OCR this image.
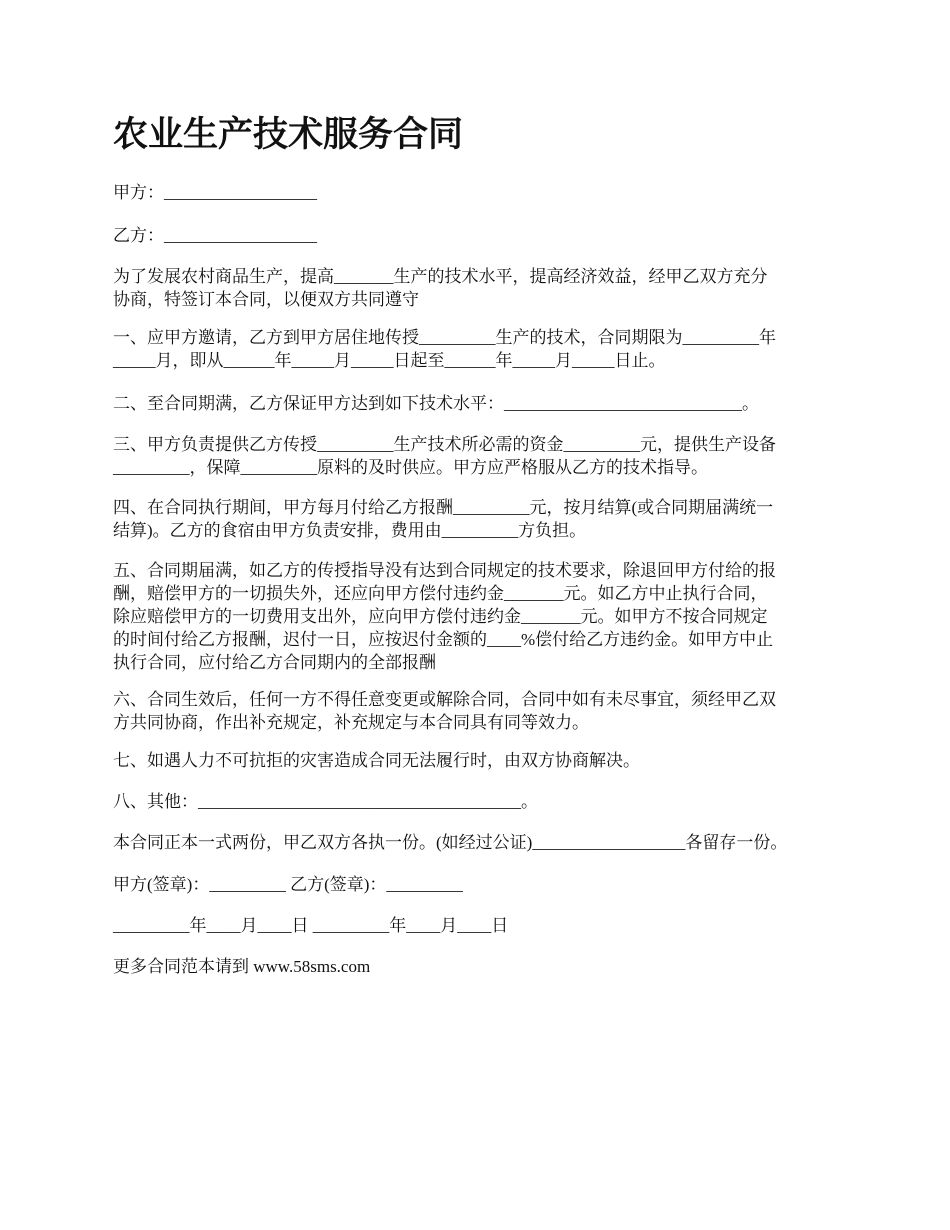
农业生产技术服务合同

甲方：__________________

乙方：__________________

为了发展农村商品生产，提高_______生产的技术水平，提高经济效益，经甲乙双方充分
协商，特签订本合同，以便双方共同遵守

一、应甲方邀请，乙方到甲方居住地传授_________生产的技术，合同期限为_________年
_____月，即从______年_____月_____日起至______年_____月_____日止。

二、至合同期满，乙方保证甲方达到如下技术水平：____________________________。

三、甲方负责提供乙方传授_________生产技术所必需的资金_________元，提供生产设备
_________，保障_________原料的及时供应。甲方应严格服从乙方的技术指导。

四、在合同执行期间，甲方每月付给乙方报酬_________元，按月结算(或合同期届满统一
结算)。乙方的食宿由甲方负责安排，费用由_________方负担。

五、合同期届满，如乙方的传授指导没有达到合同规定的技术要求，除退回甲方付给的报
酬，赔偿甲方的一切损失外，还应向甲方偿付违约金_______元。如乙方中止执行合同，
除应赔偿甲方的一切费用支出外，应向甲方偿付违约金_______元。如甲方不按合同规定
的时间付给乙方报酬，迟付一日，应按迟付金额的____%偿付给乙方违约金。如甲方中止
执行合同，应付给乙方合同期内的全部报酬

六、合同生效后，任何一方不得任意变更或解除合同，合同中如有未尽事宜，须经甲乙双
方共同协商，作出补充规定，补充规定与本合同具有同等效力。

七、如遇人力不可抗拒的灾害造成合同无法履行时，由双方协商解决。

八、其他：______________________________________。

本合同正本一式两份，甲乙双方各执一份。(如经过公证)__________________各留存一份。

甲方(签章)：_________ 乙方(签章)：_________

_________年____月____日 _________年____月____日

更多合同范本请到 www.58sms.com
